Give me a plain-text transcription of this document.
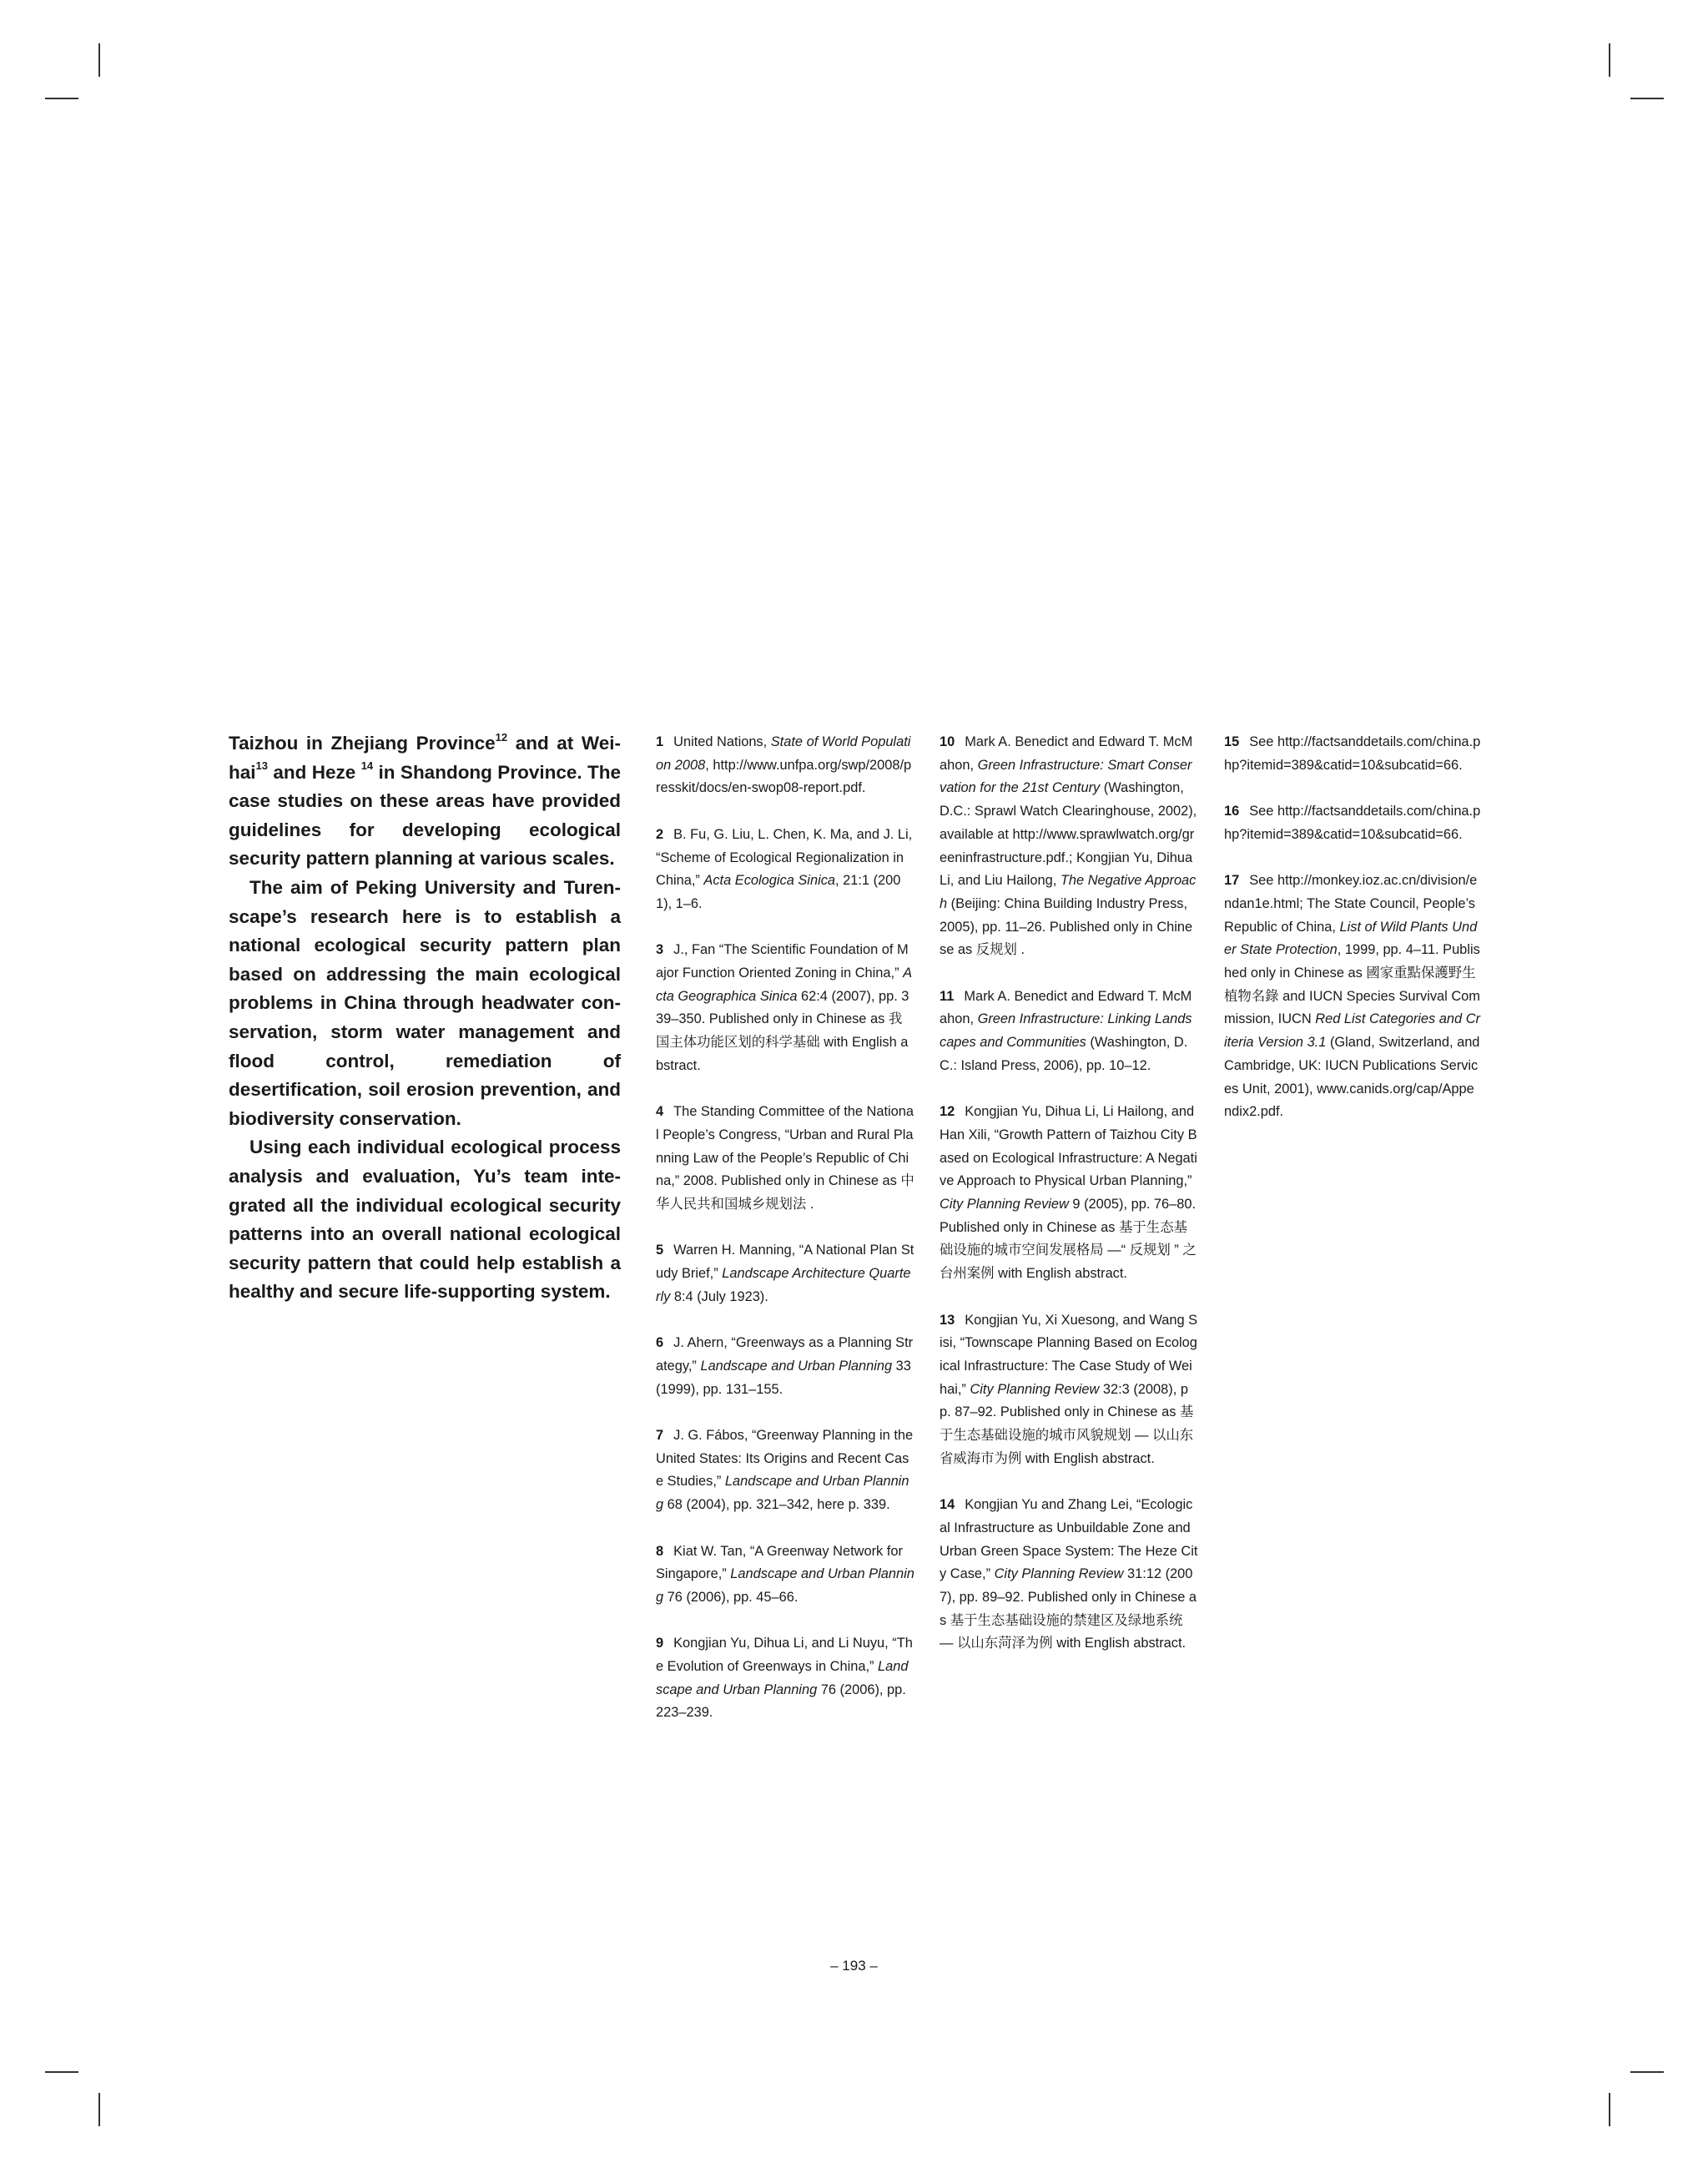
Taizhou in Zhejiang Province$^{12}$ and at Weihai$^{13}$ and Heze $^{14}$ in Shandong Province. The case studies on these areas have provided guidelines for developing ecological security pattern planning at various scales.

The aim of Peking University and Turenscape’s research here is to establish a national ecological security pattern plan based on addressing the main ecological problems in China through headwater conservation, storm water management and flood control, remediation of desertification, soil erosion prevention, and biodiversity conservation.

Using each individual ecological process analysis and evaluation, Yu’s team integrated all the individual ecological security patterns into an overall national ecological security pattern that could help establish a healthy and secure life-supporting system.

1 United Nations, State of World Population 2008, http://www.unfpa.org/swp/2008/presskit/docs/en-swop08-report.pdf.

2 B. Fu, G. Liu, L. Chen, K. Ma, and J. Li, “Scheme of Ecological Regionalization in China,” Acta Ecologica Sinica, 21:1 (2001), 1–6.

3 J., Fan “The Scientific Foundation of Major Function Oriented Zoning in China,” Acta Geographica Sinica 62:4 (2007), pp. 339–350. Published only in Chinese as 我国主体功能区划的科学基础 with English abstract.

4 The Standing Committee of the National People’s Congress, “Urban and Rural Planning Law of the People’s Republic of China,” 2008. Published only in Chinese as 中华人民共和国城乡规划法 .

5 Warren H. Manning, “A National Plan Study Brief,” Landscape Architecture Quarterly 8:4 (July 1923).

6 J. Ahern, “Greenways as a Planning Strategy,” Landscape and Urban Planning 33 (1999), pp. 131–155.

7 J. G. Fábos, “Greenway Planning in the United States: Its Origins and Recent Case Studies,” Landscape and Urban Planning 68 (2004), pp. 321–342, here p. 339.

8 Kiat W. Tan, “A Greenway Network for Singapore,” Landscape and Urban Planning 76 (2006), pp. 45–66.

9 Kongjian Yu, Dihua Li, and Li Nuyu, “The Evolution of Greenways in China,” Landscape and Urban Planning 76 (2006), pp. 223–239.

10 Mark A. Benedict and Edward T. McMahon, Green Infrastructure: Smart Conservation for the 21st Century (Washington, D.C.: Sprawl Watch Clearinghouse, 2002), available at http://www.sprawlwatch.org/greeninfrastructure.pdf.; Kongjian Yu, Dihua Li, and Liu Hailong, The Negative Approach (Beijing: China Building Industry Press, 2005), pp. 11–26. Published only in Chinese as 反规划 .

11 Mark A. Benedict and Edward T. McMahon, Green Infrastructure: Linking Landscapes and Communities (Washington, D.C.: Island Press, 2006), pp. 10–12.

12 Kongjian Yu, Dihua Li, Li Hailong, and Han Xili, “Growth Pattern of Taizhou City Based on Ecological Infrastructure: A Negative Approach to Physical Urban Planning,” City Planning Review 9 (2005), pp. 76–80. Published only in Chinese as 基于生态基础设施的城市空间发展格局 —“ 反规划 ” 之台州案例 with English abstract.

13 Kongjian Yu, Xi Xuesong, and Wang Sisi, “Townscape Planning Based on Ecological Infrastructure: The Case Study of Weihai,” City Planning Review 32:3 (2008), pp. 87–92. Published only in Chinese as 基于生态基础设施的城市风貌规划 — 以山东省威海市为例 with English abstract.

14 Kongjian Yu and Zhang Lei, “Ecological Infrastructure as Unbuildable Zone and Urban Green Space System: The Heze City Case,” City Planning Review 31:12 (2007), pp. 89–92. Published only in Chinese as 基于生态基础设施的禁建区及绿地系统 — 以山东菏泽为例 with English abstract.

15 See http://factsanddetails.com/china.php?itemid=389&catid=10&subcatid=66.

16 See http://factsanddetails.com/china.php?itemid=389&catid=10&subcatid=66.

17 See http://monkey.ioz.ac.cn/division/endan1e.html; The State Council, People’s Republic of China, List of Wild Plants Under State Protection, 1999, pp. 4–11. Published only in Chinese as 國家重點保護野生植物名錄 and IUCN Species Survival Commission, IUCN Red List Categories and Criteria Version 3.1 (Gland, Switzerland, and Cambridge, UK: IUCN Publications Services Unit, 2001), www.canids.org/cap/Appendix2.pdf.

– 193 –
